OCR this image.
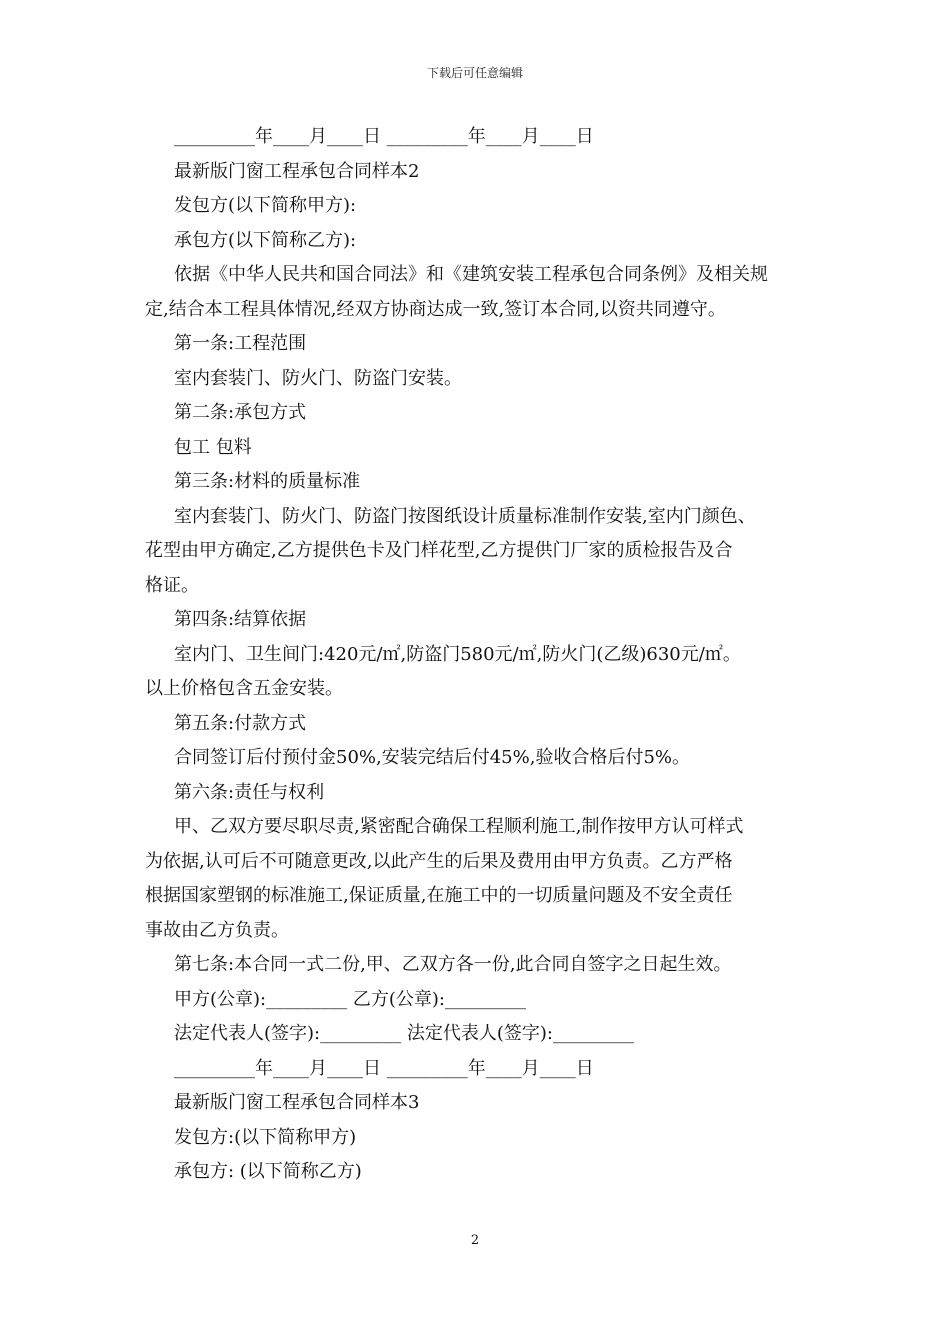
下载后可任意编辑
_________年____月____日 _________年____月____日
最新版门窗工程承包合同样本2
发包方(以下简称甲方):
承包方(以下简称乙方):
依据《中华人民共和国合同法》和《建筑安装工程承包合同条例》及相关规
定,结合本工程具体情况,经双方协商达成一致,签订本合同,以资共同遵守。
第一条:工程范围
室内套装门、防火门、防盗门安装。
第二条:承包方式
包工 包料
第三条:材料的质量标准
室内套装门、防火门、防盗门按图纸设计质量标准制作安装,室内门颜色、
花型由甲方确定,乙方提供色卡及门样花型,乙方提供门厂家的质检报告及合
格证。
第四条:结算依据
室内门、卫生间门:420元/㎡,防盗门580元/㎡,防火门(乙级)630元/㎡。
以上价格包含五金安装。
第五条:付款方式
合同签订后付预付金50%,安装完结后付45%,验收合格后付5%。
第六条:责任与权利
甲、乙双方要尽职尽责,紧密配合确保工程顺利施工,制作按甲方认可样式
为依据,认可后不可随意更改,以此产生的后果及费用由甲方负责。乙方严格
根据国家塑钢的标准施工,保证质量,在施工中的一切质量问题及不安全责任
事故由乙方负责。
第七条:本合同一式二份,甲、乙双方各一份,此合同自签字之日起生效。
甲方(公章):_________ 乙方(公章):_________
法定代表人(签字):_________ 法定代表人(签字):_________
_________年____月____日 _________年____月____日
最新版门窗工程承包合同样本3
发包方:(以下简称甲方)
承包方: (以下简称乙方)
2
